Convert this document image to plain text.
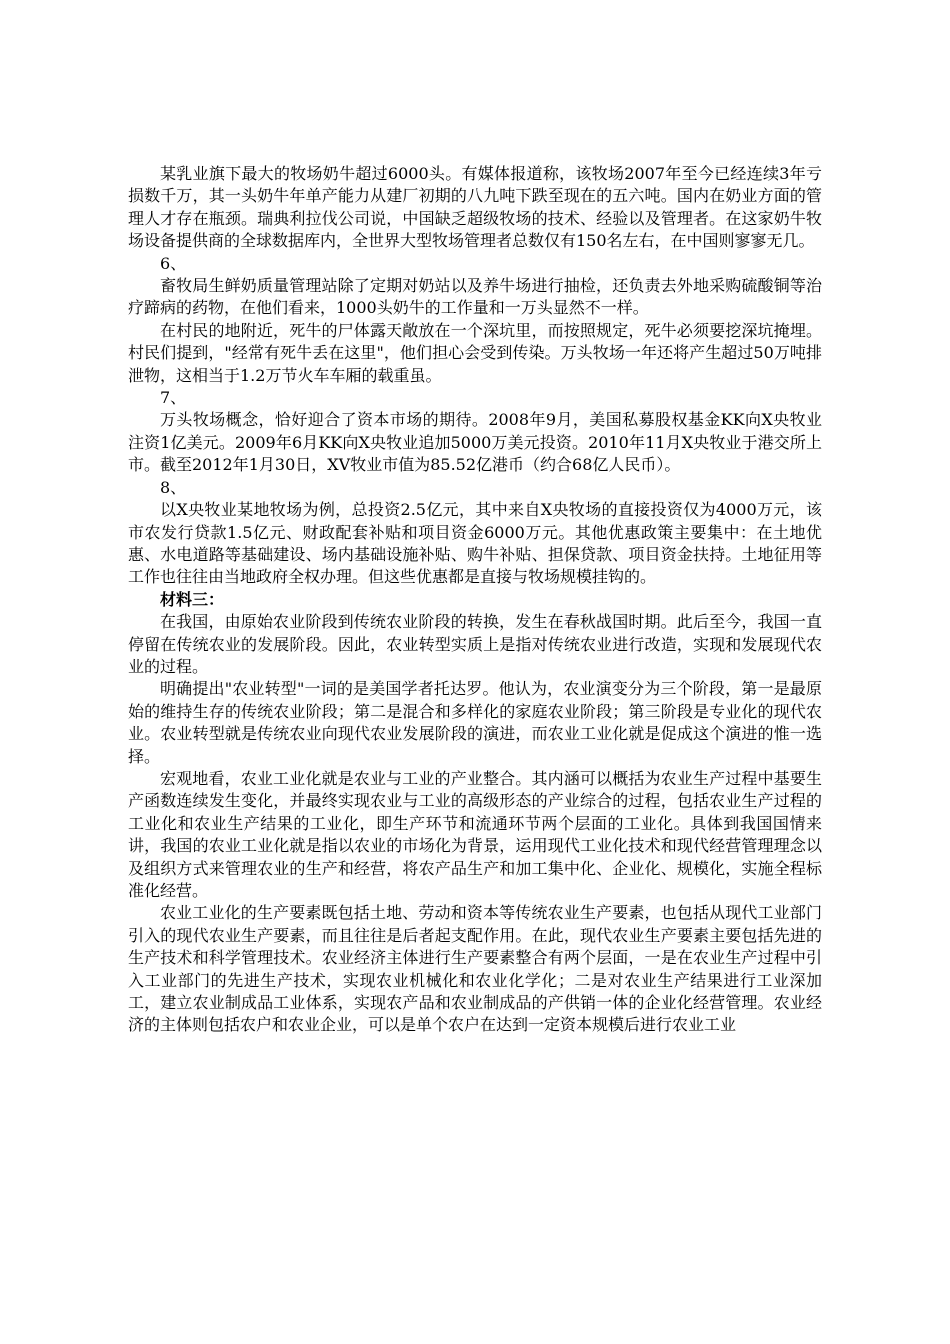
某乳业旗下最大的牧场奶牛超过6000头。有媒体报道称，该牧场2007年至今已经连续3年亏损数千万，其一头奶牛年单产能力从建厂初期的八九吨下跌至现在的五六吨。国内在奶业方面的管理人才存在瓶颈。瑞典利拉伐公司说，中国缺乏超级牧场的技术、经验以及管理者。在这家奶牛牧场设备提供商的全球数据库内，全世界大型牧场管理者总数仅有150名左右，在中国则寥寥无几。

6、

畜牧局生鲜奶质量管理站除了定期对奶站以及养牛场进行抽检，还负责去外地采购硫酸铜等治疗蹄病的药物，在他们看来，1000头奶牛的工作量和一万头显然不一样。

在村民的地附近，死牛的尸体露天敞放在一个深坑里，而按照规定，死牛必须要挖深坑掩埋。村民们提到，"经常有死牛丢在这里"，他们担心会受到传染。万头牧场一年还将产生超过50万吨排泄物，这相当于1.2万节火车车厢的载重虽。

7、

万头牧场概念，恰好迎合了资本市场的期待。2008年9月，美国私募股权基金KK向X央牧业注资1亿美元。2009年6月KK向X央牧业追加5000万美元投资。2010年11月X央牧业于港交所上市。截至2012年1月30日，XV牧业市值为85.52亿港币（约合68亿人民币）。

8、

以X央牧业某地牧场为例，总投资2.5亿元，其中来自X央牧场的直接投资仅为4000万元，该市农发行贷款1.5亿元、财政配套补贴和项目资金6000万元。其他优惠政策主要集中：在土地优惠、水电道路等基础建设、场内基础设施补贴、购牛补贴、担保贷款、项目资金扶持。土地征用等工作也往往由当地政府全权办理。但这些优惠都是直接与牧场规模挂钩的。

材料三：

在我国，由原始农业阶段到传统农业阶段的转换，发生在春秋战国时期。此后至今，我国一直停留在传统农业的发展阶段。因此，农业转型实质上是指对传统农业进行改造，实现和发展现代农业的过程。

明确提出"农业转型"一词的是美国学者托达罗。他认为，农业演变分为三个阶段，第一是最原始的维持生存的传统农业阶段；第二是混合和多样化的家庭农业阶段；第三阶段是专业化的现代农业。农业转型就是传统农业向现代农业发展阶段的演进，而农业工业化就是促成这个演进的惟一选择。

宏观地看，农业工业化就是农业与工业的产业整合。其内涵可以概括为农业生产过程中基要生产函数连续发生变化，并最终实现农业与工业的高级形态的产业综合的过程，包括农业生产过程的工业化和农业生产结果的工业化，即生产环节和流通环节两个层面的工业化。具体到我国国情来讲，我国的农业工业化就是指以农业的市场化为背景，运用现代工业化技术和现代经营管理理念以及组织方式来管理农业的生产和经营，将农产品生产和加工集中化、企业化、规模化，实施全程标准化经营。

农业工业化的生产要素既包括土地、劳动和资本等传统农业生产要素，也包括从现代工业部门引入的现代农业生产要素，而且往往是后者起支配作用。在此，现代农业生产要素主要包括先进的生产技术和科学管理技术。农业经济主体进行生产要素整合有两个层面，一是在农业生产过程中引入工业部门的先进生产技术，实现农业机械化和农业化学化；二是对农业生产结果进行工业深加工，建立农业制成品工业体系，实现农产品和农业制成品的产供销一体的企业化经营管理。农业经济的主体则包括农户和农业企业，可以是单个农户在达到一定资本规模后进行农业工业
